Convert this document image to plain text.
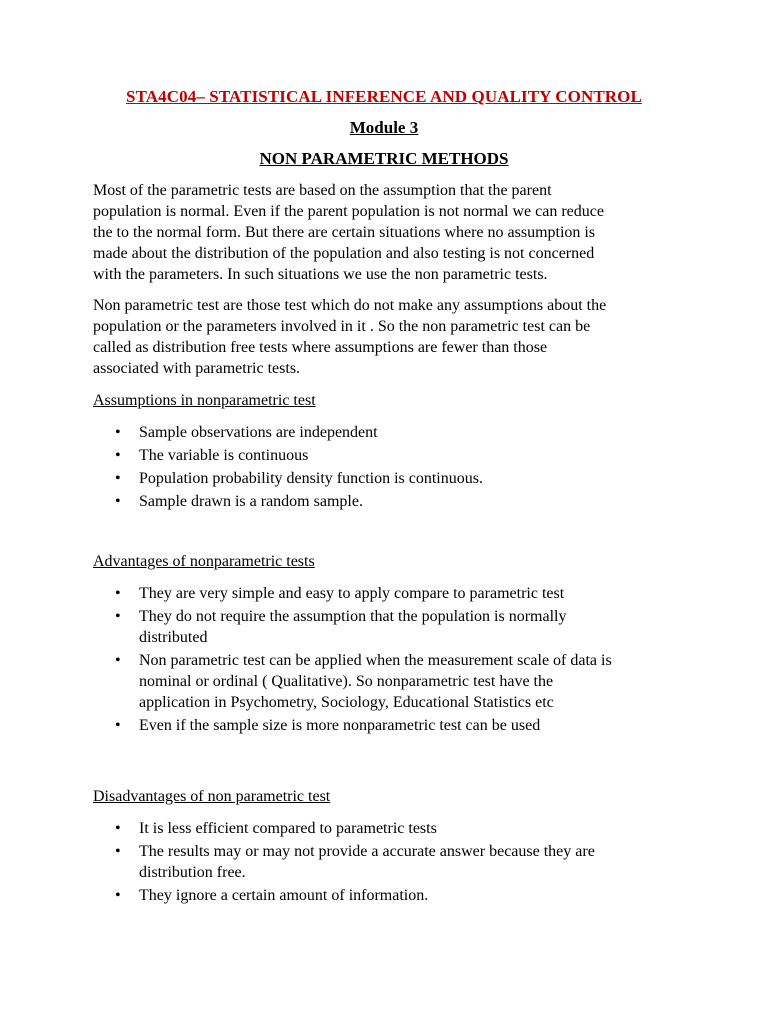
STA4C04– STATISTICAL INFERENCE AND QUALITY CONTROL
Module 3
NON PARAMETRIC METHODS

Most of the parametric tests are based on the assumption that the parent
population is normal. Even if the parent population is not normal we can reduce
the to the normal form. But there are certain situations where no assumption is
made about the distribution of the population and also testing is not concerned
with the parameters. In such situations we use the non parametric tests.

Non parametric test are those test which do not make any assumptions about the
population or the parameters involved in it . So the non parametric test can be
called as distribution free tests where assumptions are fewer than those
associated with parametric tests.

Assumptions in nonparametric test
• Sample observations are independent
• The variable is continuous
• Population probability density function is continuous.
• Sample drawn is a random sample.
Advantages of nonparametric tests
• They are very simple and easy to apply compare to parametric test
• They do not require the assumption that the population is normally
distributed
• Non parametric test can be applied when the measurement scale of data is
nominal or ordinal ( Qualitative). So nonparametric test have the
application in Psychometry, Sociology, Educational Statistics etc
• Even if the sample size is more nonparametric test can be used
Disadvantages of non parametric test
• It is less efficient compared to parametric tests
• The results may or may not provide a accurate answer because they are
distribution free.
• They ignore a certain amount of information.
